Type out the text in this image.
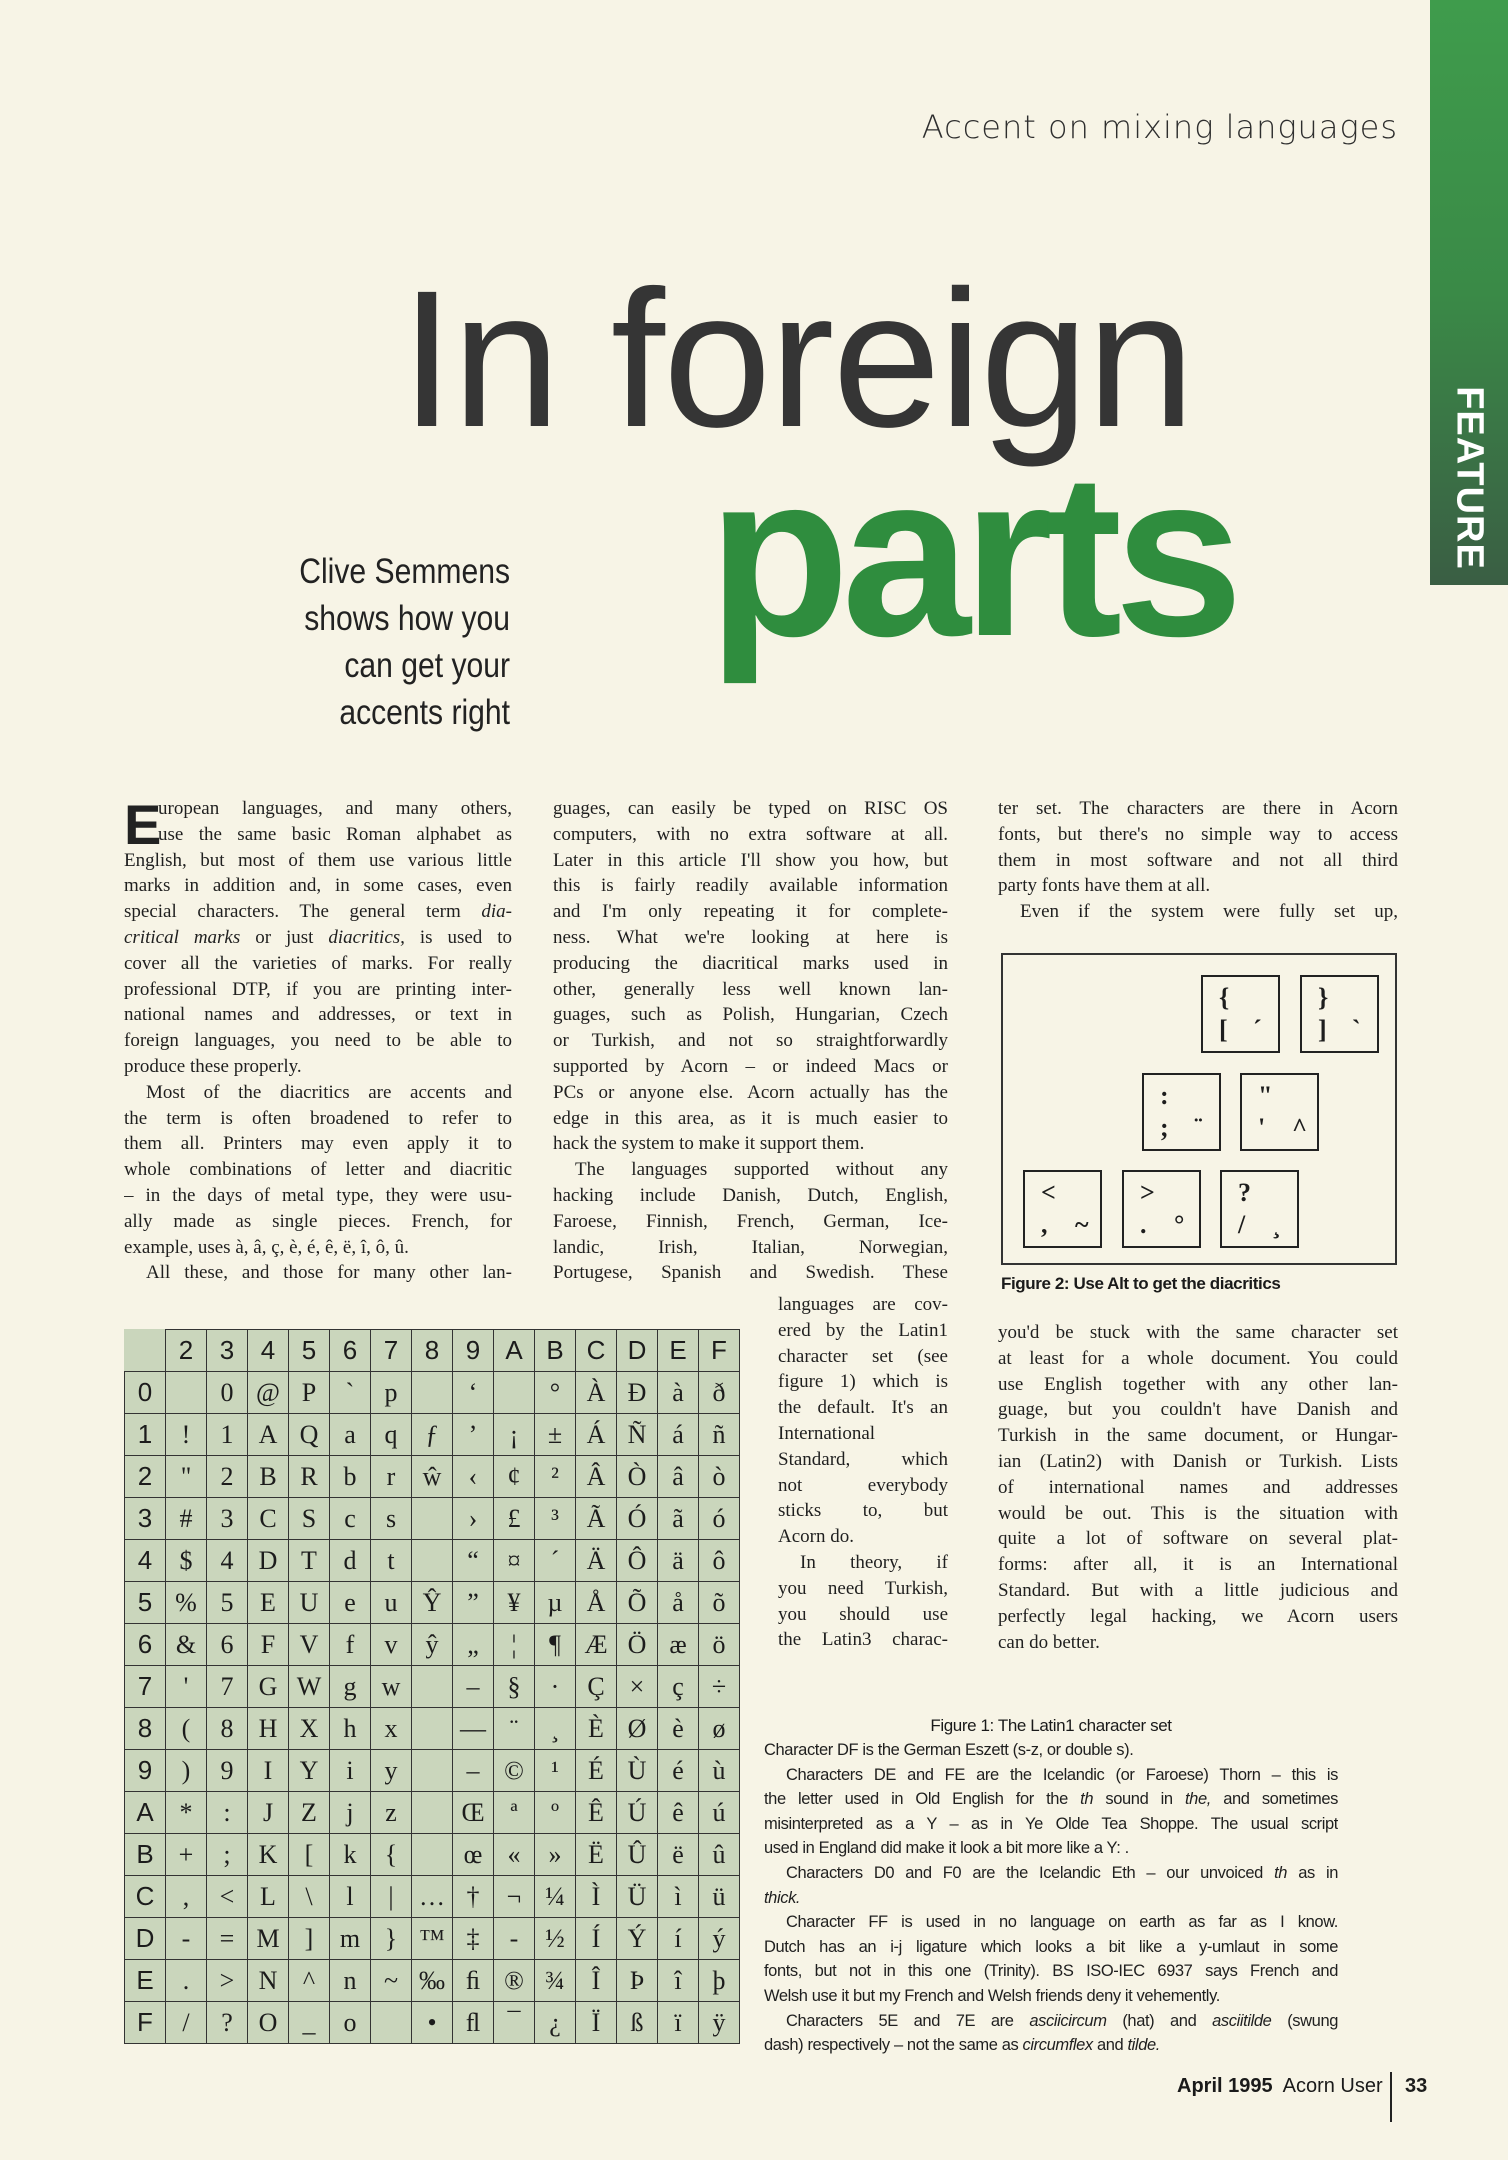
FEATURE
Accent on mixing languages
In foreign
parts
Clive Semmens
shows how you
can get your
accents right
E
uropean languages, and many others,
use the same basic Roman alphabet as
English, but most of them use various little
marks in addition and, in some cases, even
special characters. The general term dia-
critical marks or just diacritics, is used to
cover all the varieties of marks. For really
professional DTP, if you are printing inter-
national names and addresses, or text in
foreign languages, you need to be able to
produce these properly.
Most of the diacritics are accents and
the term is often broadened to refer to
them all. Printers may even apply it to
whole combinations of letter and diacritic
– in the days of metal type, they were usu-
ally made as single pieces. French, for
example, uses à, â, ç, è, é, ê, ë, î, ô, û.
All these, and those for many other lan-
guages, can easily be typed on RISC OS
computers, with no extra software at all.
Later in this article I'll show you how, but
this is fairly readily available information
and I'm only repeating it for complete-
ness. What we're looking at here is
producing the diacritical marks used in
other, generally less well known lan-
guages, such as Polish, Hungarian, Czech
or Turkish, and not so straightforwardly
supported by Acorn – or indeed Macs or
PCs or anyone else. Acorn actually has the
edge in this area, as it is much easier to
hack the system to make it support them.
The languages supported without any
hacking include Danish, Dutch, English,
Faroese, Finnish, French, German, Ice-
landic, Irish, Italian, Norwegian,
Portugese, Spanish and Swedish. These
languages are cov-
ered by the Latin1
character set (see
figure 1) which is
the default. It's an
International
Standard, which
not everybody
sticks to, but
Acorn do.
In theory, if
you need Turkish,
you should use
the Latin3 charac-
ter set. The characters are there in Acorn
fonts, but there's no simple way to access
them in most software and not all third
party fonts have them at all.
Even if the system were fully set up,
you'd be stuck with the same character set
at least for a whole document. You could
use English together with any other lan-
guage, but you couldn't have Danish and
Turkish in the same document, or Hungar-
ian (Latin2) with Danish or Turkish. Lists
of international names and addresses
would be out. This is the situation with
quite a lot of software on several plat-
forms: after all, it is an International
Standard. But with a little judicious and
perfectly legal hacking, we Acorn users
can do better.
{
[ ´
}
] `
:
; ¨
"
' ^
<
, ~
>
. °
?
/ ¸
Figure 2: Use Alt to get the diacritics
	2	3	4	5	6	7	8	9	A	B	C	D	E	F
0		0	@	P	`	p		‘		°	À	Ð	à	ð
1	!	1	A	Q	a	q	ƒ	’	¡	±	Á	Ñ	á	ñ
2	"	2	B	R	b	r	ŵ	‹	¢	²	Â	Ò	â	ò
3	#	3	C	S	c	s		›	£	³	Ã	Ó	ã	ó
4	$	4	D	T	d	t		“	¤	´	Ä	Ô	ä	ô
5	%	5	E	U	e	u	Ŷ	”	¥	µ	Å	Õ	å	õ
6	&	6	F	V	f	v	ŷ	„	¦	¶	Æ	Ö	æ	ö
7	'	7	G	W	g	w		–	§	·	Ç	×	ç	÷
8	(	8	H	X	h	x		—	¨	¸	È	Ø	è	ø
9	)	9	I	Y	i	y		–	©	¹	É	Ù	é	ù
A	*	:	J	Z	j	z		Œ	ª	º	Ê	Ú	ê	ú
B	+	;	K	[	k	{		œ	«	»	Ë	Û	ë	û
C	,	<	L	\	l	|	…	†	¬	¼	Ì	Ü	ì	ü
D	-	=	M	]	m	}	™	‡	-	½	Í	Ý	í	ý
E	.	>	N	^	n	~	‰	ﬁ	®	¾	Î	Þ	î	þ
F	/	?	O	_	o		•	ﬂ	¯	¿	Ï	ß	ï	ÿ
Figure 1: The Latin1 character set
Character DF is the German Eszett (s-z, or double s).
Characters DE and FE are the Icelandic (or Faroese) Thorn – this is
the letter used in Old English for the th sound in the, and sometimes
misinterpreted as a Y – as in Ye Olde Tea Shoppe. The usual script
used in England did make it look a bit more like a Y: .
Characters D0 and F0 are the Icelandic Eth – our unvoiced th as in
thick.
Character FF is used in no language on earth as far as I know.
Dutch has an i-j ligature which looks a bit like a y-umlaut in some
fonts, but not in this one (Trinity). BS ISO-IEC 6937 says French and
Welsh use it but my French and Welsh friends deny it vehemently.
Characters 5E and 7E are asciicircum (hat) and asciitilde (swung
dash) respectively – not the same as circumflex and tilde.
April 1995 Acorn User 33
